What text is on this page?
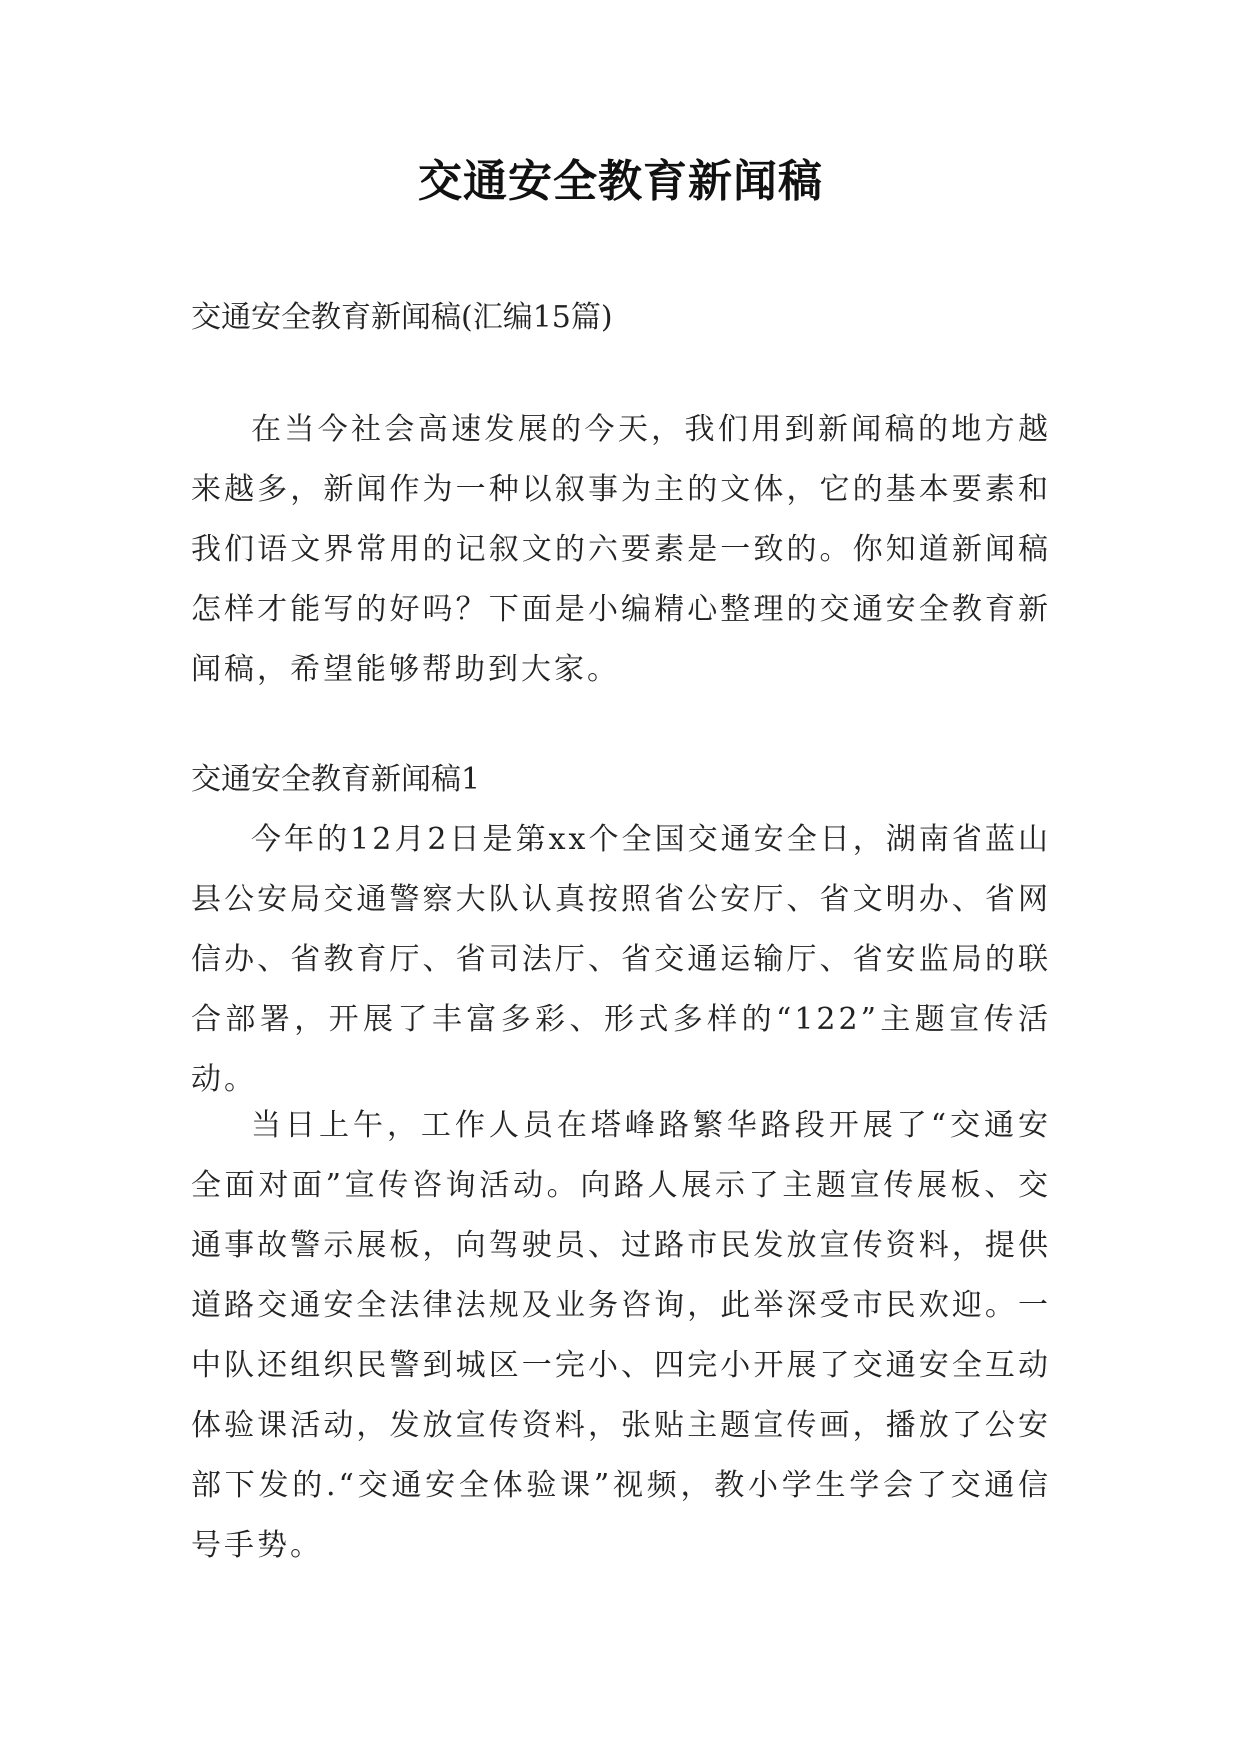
交通安全教育新闻稿

交通安全教育新闻稿(汇编15篇)

在当今社会高速发展的今天，我们用到新闻稿的地方越来越多，新闻作为一种以叙事为主的文体，它的基本要素和我们语文界常用的记叙文的六要素是一致的。你知道新闻稿怎样才能写的好吗？下面是小编精心整理的交通安全教育新闻稿，希望能够帮助到大家。

交通安全教育新闻稿1

今年的12月2日是第xx个全国交通安全日，湖南省蓝山县公安局交通警察大队认真按照省公安厅、省文明办、省网信办、省教育厅、省司法厅、省交通运输厅、省安监局的联合部署，开展了丰富多彩、形式多样的“122”主题宣传活动。

当日上午，工作人员在塔峰路繁华路段开展了“交通安全面对面”宣传咨询活动。向路人展示了主题宣传展板、交通事故警示展板，向驾驶员、过路市民发放宣传资料，提供道路交通安全法律法规及业务咨询，此举深受市民欢迎。一中队还组织民警到城区一完小、四完小开展了交通安全互动体验课活动，发放宣传资料，张贴主题宣传画，播放了公安部下发的.“交通安全体验课”视频，教小学生学会了交通信号手势。
